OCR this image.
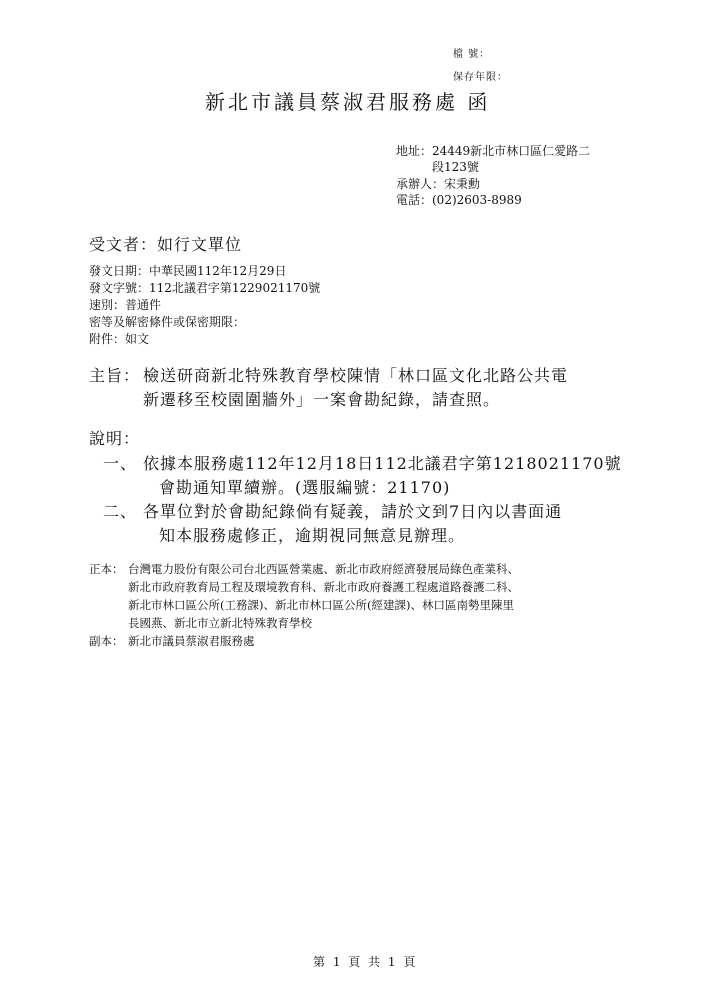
檔 號：
保存年限：
新北市議員蔡淑君服務處 函
地址：24449新北市林口區仁愛路二
段123號
承辦人：宋秉勳
電話：(02)2603-8989
受文者：如行文單位
發文日期：中華民國112年12月29日
發文字號：112北議君字第1229021170號
速別：普通件
密等及解密條件或保密期限：
附件：如文
主旨： 檢送研商新北特殊教育學校陳情「林口區文化北路公共電
新遷移至校園圍牆外」一案會勘紀錄，請查照。
說明：
一、 依據本服務處112年12月18日112北議君字第1218021170號
會勘通知單續辦。(選服編號：21170)
二、 各單位對於會勘紀錄倘有疑義，請於文到7日內以書面通
知本服務處修正，逾期視同無意見辦理。
正本： 台灣電力股份有限公司台北西區營業處、新北市政府經濟發展局綠色產業科、
新北市政府教育局工程及環境教育科、新北市政府養護工程處道路養護二科、
新北市林口區公所(工務課)、新北市林口區公所(經建課)、林口區南勢里陳里
長國燕、新北市立新北特殊教育學校
副本： 新北市議員蔡淑君服務處
第 1 頁 共 1 頁
